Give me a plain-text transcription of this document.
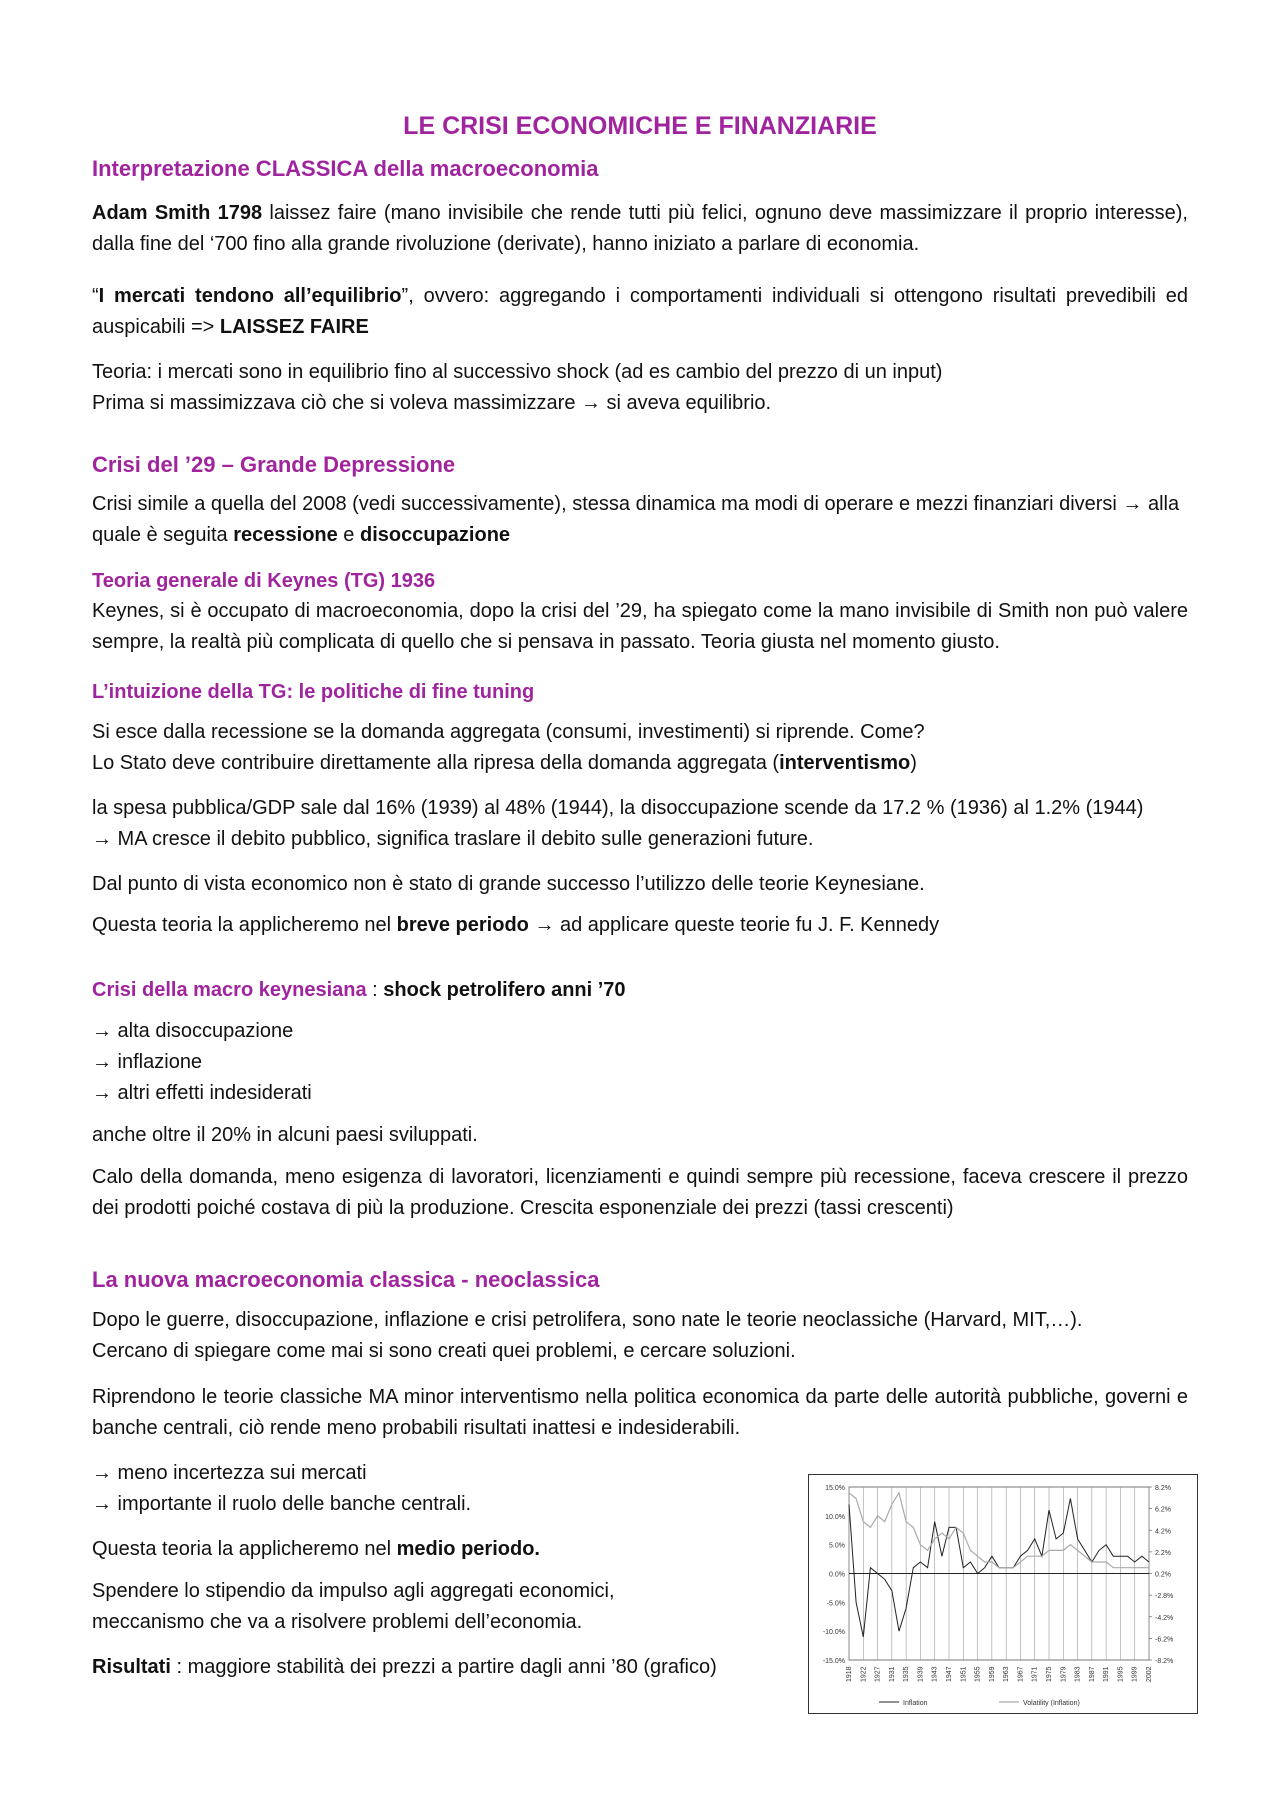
LE CRISI ECONOMICHE E FINANZIARIE
Interpretazione CLASSICA della macroeconomia

Adam Smith 1798 laissez faire (mano invisibile che rende tutti più felici, ognuno deve massimizzare il proprio interesse), dalla fine del ‘700 fino alla grande rivoluzione (derivate), hanno iniziato a parlare di economia.

“I mercati tendono all’equilibrio”, ovvero: aggregando i comportamenti individuali si ottengono risultati prevedibili ed auspicabili => LAISSEZ FAIRE

Teoria: i mercati sono in equilibrio fino al successivo shock (ad es cambio del prezzo di un input)
Prima si massimizzava ciò che si voleva massimizzare → si aveva equilibrio.

Crisi del ’29 – Grande Depressione

Crisi simile a quella del 2008 (vedi successivamente), stessa dinamica ma modi di operare e mezzi finanziari diversi → alla quale è seguita recessione e disoccupazione

Teoria generale di Keynes (TG) 1936

Keynes, si è occupato di macroeconomia, dopo la crisi del ’29, ha spiegato come la mano invisibile di Smith non può valere sempre, la realtà più complicata di quello che si pensava in passato. Teoria giusta nel momento giusto.

L’intuizione della TG: le politiche di fine tuning

Si esce dalla recessione se la domanda aggregata (consumi, investimenti) si riprende. Come?
Lo Stato deve contribuire direttamente alla ripresa della domanda aggregata (interventismo)

la spesa pubblica/GDP sale dal 16% (1939) al 48% (1944), la disoccupazione scende da 17.2 % (1936) al 1.2% (1944)
→ MA cresce il debito pubblico, significa traslare il debito sulle generazioni future.

Dal punto di vista economico non è stato di grande successo l’utilizzo delle teorie Keynesiane.

Questa teoria la applicheremo nel breve periodo → ad applicare queste teorie fu J. F. Kennedy

Crisi della macro keynesiana : shock petrolifero anni ’70

→ alta disoccupazione
→ inflazione
→ altri effetti indesiderati

anche oltre il 20% in alcuni paesi sviluppati.

Calo della domanda, meno esigenza di lavoratori, licenziamenti e quindi sempre più recessione, faceva crescere il prezzo dei prodotti poiché costava di più la produzione. Crescita esponenziale dei prezzi (tassi crescenti)

La nuova macroeconomia classica - neoclassica

Dopo le guerre, disoccupazione, inflazione e crisi petrolifera, sono nate le teorie neoclassiche (Harvard, MIT,…).
Cercano di spiegare come mai si sono creati quei problemi, e cercare soluzioni.

Riprendono le teorie classiche MA minor interventismo nella politica economica da parte delle autorità pubbliche, governi e banche centrali, ciò rende meno probabili risultati inattesi e indesiderabili.

→ meno incertezza sui mercati
→ importante il ruolo delle banche centrali.

Questa teoria la applicheremo nel medio periodo.

Spendere lo stipendio da impulso agli aggregati economici,
meccanismo che va a risolvere problemi dell’economia.

Risultati : maggiore stabilità dei prezzi a partire dagli anni ’80 (grafico)	1918 1922 1927 1931 1935 1939 1943 1947 1951 1955 1959 1963 1967 1971 1975 1979 1983 1987 1991 1995 1999 2002
15.0%
10.0%
5.0%
0.0%
-5.0%
-10.0%
-15.0%
8.2%
6.2%
4.2%
2.2%
0.2%
-2.8%
-4.2%
-6.2%
-8.2%
Inflation	Volatility (Inflation)
